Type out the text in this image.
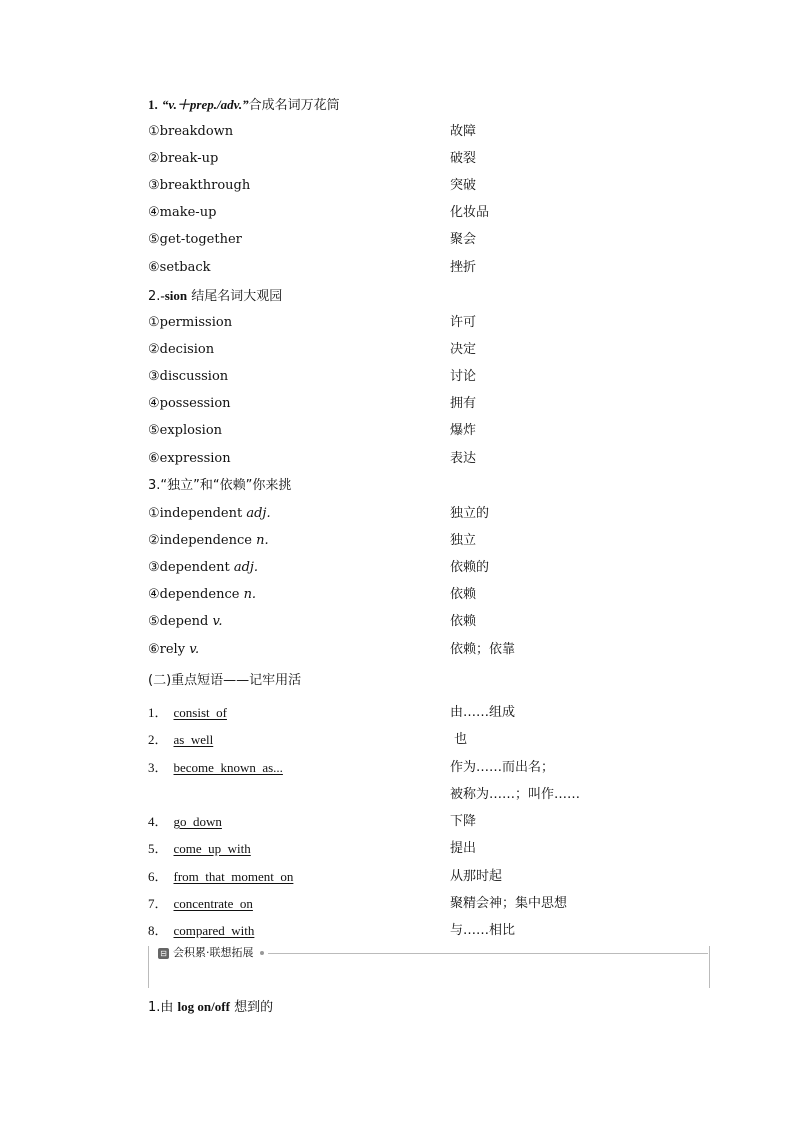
1. “v.＋prep./adv.”合成名词万花筒
①breakdown	故障
②break-up	破裂
③breakthrough	突破
④make-up	化妆品
⑤get-together	聚会
⑥setback	挫折
2.-sion 结尾名词大观园
①permission	许可
②decision	决定
③discussion	讨论
④possession	拥有
⑤explosion	爆炸
⑥expression	表达
3.“独立”和“依赖”你来挑
①independent adj.	独立的
②independence n.	独立
③dependent adj.	依赖的
④dependence n.	依赖
⑤depend v.	依赖
⑥rely v.	依赖；依靠
(二)重点短语——记牢用活
1． consist  of	由……组成
2． as  well	也
3． become  known  as...	作为……而出名；
被称为……；叫作……
4． go  down	下降
5． come  up  with	提出
6． from  that  moment  on	从那时起
7． concentrate  on	聚精会神；集中思想
8． compared  with	与……相比
⊟ 会积累·联想拓展
1.由 log on/off 想到的
